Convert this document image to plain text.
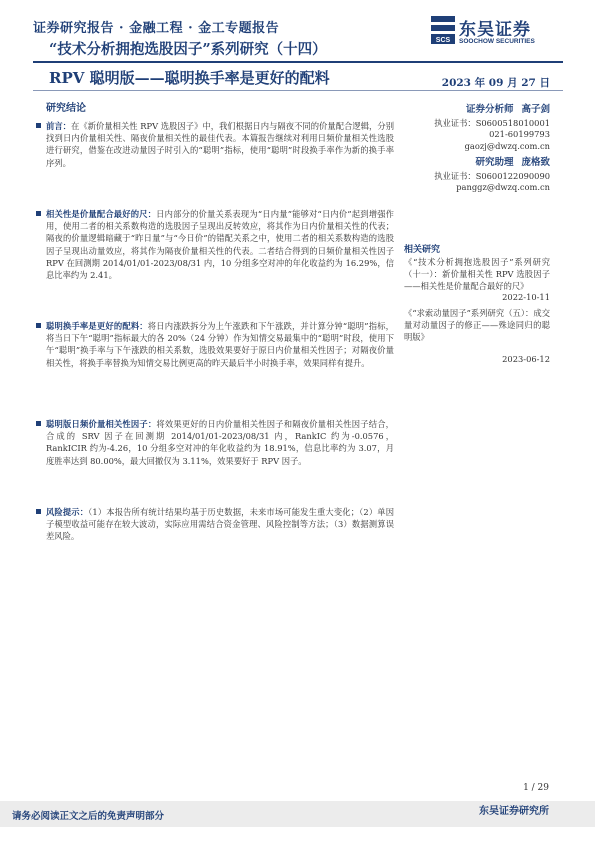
证券研究报告 · 金融工程 · 金工专题报告
“技术分析拥抱选股因子”系列研究（十四）
SCS
东吴证券
SOOCHOW SECURITIES
RPV 聪明版——聪明换手率是更好的配料	2023 年 09 月 27 日
研究结论
前言：在《新价量相关性 RPV 选股因子》中，我们根据日内与隔夜不同的价量配合逻辑，分别找到日内价量相关性、隔夜价量相关性的最佳代表。本篇报告继续对利用日频价量相关性选股进行研究，借鉴在改进动量因子时引入的“聪明”指标，使用“聪明”时段换手率作为新的换手率序列。
相关性是价量配合最好的尺：日内部分的价量关系表现为“日内量”能够对“日内价”起到增强作用，使用二者的相关系数构造的选股因子呈现出反转效应，将其作为日内价量相关性的代表；隔夜的价量逻辑暗藏于“昨日量”与“今日价”的错配关系之中，使用二者的相关系数构造的选股因子呈现出动量效应，将其作为隔夜价量相关性的代表。二者结合得到的日频价量相关性因子 RPV 在回测期 2014/01/01-2023/08/31 内，10 分组多空对冲的年化收益约为 16.29%，信息比率约为 2.41。
聪明换手率是更好的配料：将日内涨跌拆分为上午涨跌和下午涨跌，并计算分钟“聪明”指标，将当日下午“聪明”指标最大的各 20%（24 分钟）作为知情交易最集中的“聪明”时段，使用下午“聪明”换手率与下午涨跌的相关系数，选股效果要好于原日内价量相关性因子；对隔夜价量相关性，将换手率替换为知情交易比例更高的昨天最后半小时换手率，效果同样有提升。
聪明版日频价量相关性因子：将效果更好的日内价量相关性因子和隔夜价量相关性因子结合，合成的 SRV 因子在回测期 2014/01/01-2023/08/31 内，RankIC 约为-0.0576，RankICIR 约为-4.26，10 分组多空对冲的年化收益约为 18.91%，信息比率约为 3.07，月度胜率达到 80.00%，最大回撤仅为 3.11%，效果要好于 RPV 因子。
风险提示：（1）本报告所有统计结果均基于历史数据，未来市场可能发生重大变化；（2）单因子模型收益可能存在较大波动，实际应用需结合资金管理、风险控制等方法；（3）数据测算误差风险。
证券分析师 高子剑
执业证书：S0600518010001
021-60199793
gaozj@dwzq.com.cn
研究助理 庞格致
执业证书：S0600122090090
panggz@dwzq.com.cn
相关研究
《“技术分析拥抱选股因子”系列研究（十一）：新价量相关性 RPV 选股因子——相关性是价量配合最好的尺》
2022-10-11
《“求索动量因子”系列研究（五）：成交量对动量因子的修正——殊途同归的聪明版》
2023-06-12
1 / 29
请务必阅读正文之后的免责声明部分	东吴证券研究所
